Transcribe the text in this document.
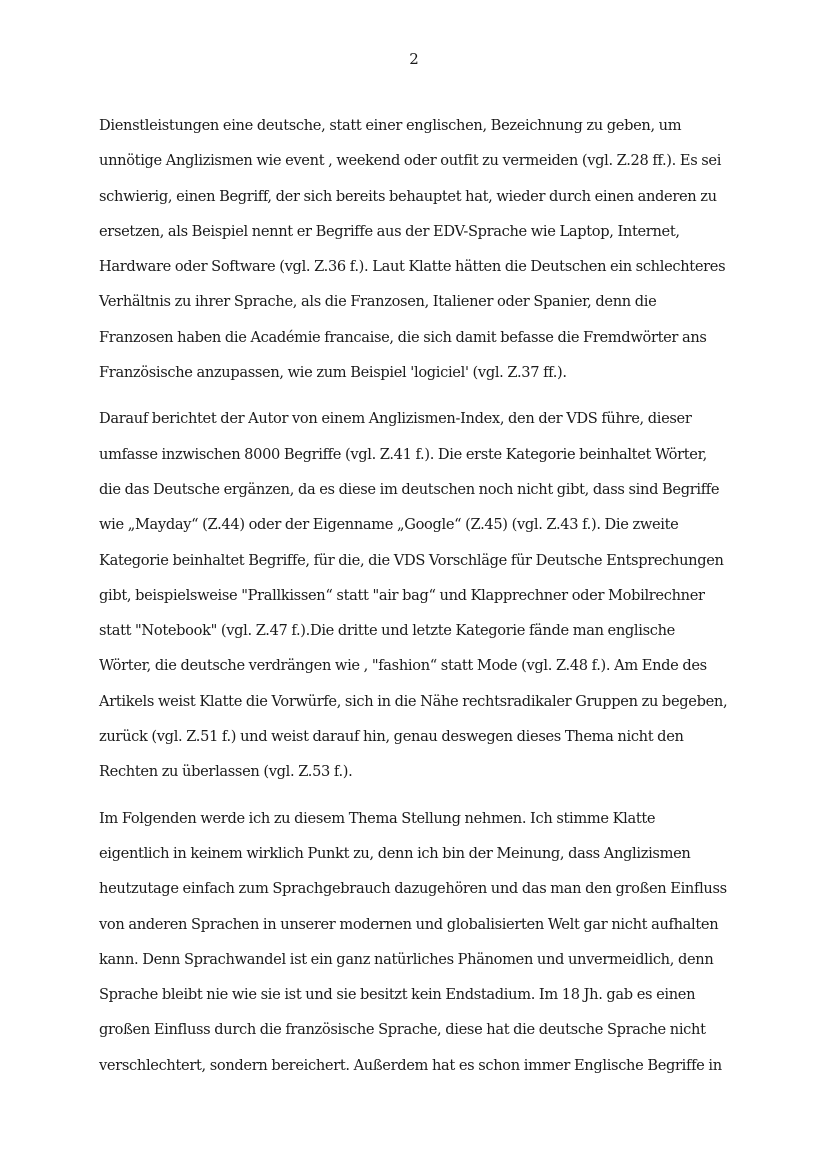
2
Dienstleistungen eine deutsche, statt einer englischen, Bezeichnung zu geben, um
unnötige Anglizismen wie event , weekend oder outfit zu vermeiden (vgl. Z.28 ff.). Es sei
schwierig, einen Begriff, der sich bereits behauptet hat, wieder durch einen anderen zu
ersetzen, als Beispiel nennt er Begriffe aus der EDV-Sprache wie Laptop, Internet,
Hardware oder Software (vgl. Z.36 f.). Laut Klatte hätten die Deutschen ein schlechteres
Verhältnis zu ihrer Sprache, als die Franzosen, Italiener oder Spanier, denn die
Franzosen haben die Académie francaise, die sich damit befasse die Fremdwörter ans
Französische anzupassen, wie zum Beispiel 'logiciel' (vgl. Z.37 ff.).
Darauf berichtet der Autor von einem Anglizismen-Index, den der VDS führe, dieser
umfasse inzwischen 8000 Begriffe (vgl. Z.41 f.). Die erste Kategorie beinhaltet Wörter,
die das Deutsche ergänzen, da es diese im deutschen noch nicht gibt, dass sind Begriffe
wie „Mayday“ (Z.44) oder der Eigenname „Google“ (Z.45) (vgl. Z.43 f.). Die zweite
Kategorie beinhaltet Begriffe, für die, die VDS Vorschläge für Deutsche Entsprechungen
gibt, beispielsweise "Prallkissen“ statt "air bag“ und Klapprechner oder Mobilrechner
statt "Notebook" (vgl. Z.47 f.).Die dritte und letzte Kategorie fände man englische
Wörter, die deutsche verdrängen wie , "fashion“ statt Mode (vgl. Z.48 f.). Am Ende des
Artikels weist Klatte die Vorwürfe, sich in die Nähe rechtsradikaler Gruppen zu begeben,
zurück (vgl. Z.51 f.) und weist darauf hin, genau deswegen dieses Thema nicht den
Rechten zu überlassen (vgl. Z.53 f.).
Im Folgenden werde ich zu diesem Thema Stellung nehmen. Ich stimme Klatte
eigentlich in keinem wirklich Punkt zu, denn ich bin der Meinung, dass Anglizismen
heutzutage einfach zum Sprachgebrauch dazugehören und das man den großen Einfluss
von anderen Sprachen in unserer modernen und globalisierten Welt gar nicht aufhalten
kann. Denn Sprachwandel ist ein ganz natürliches Phänomen und unvermeidlich, denn
Sprache bleibt nie wie sie ist und sie besitzt kein Endstadium. Im 18 Jh. gab es einen
großen Einfluss durch die französische Sprache, diese hat die deutsche Sprache nicht
verschlechtert, sondern bereichert. Außerdem hat es schon immer Englische Begriffe in
